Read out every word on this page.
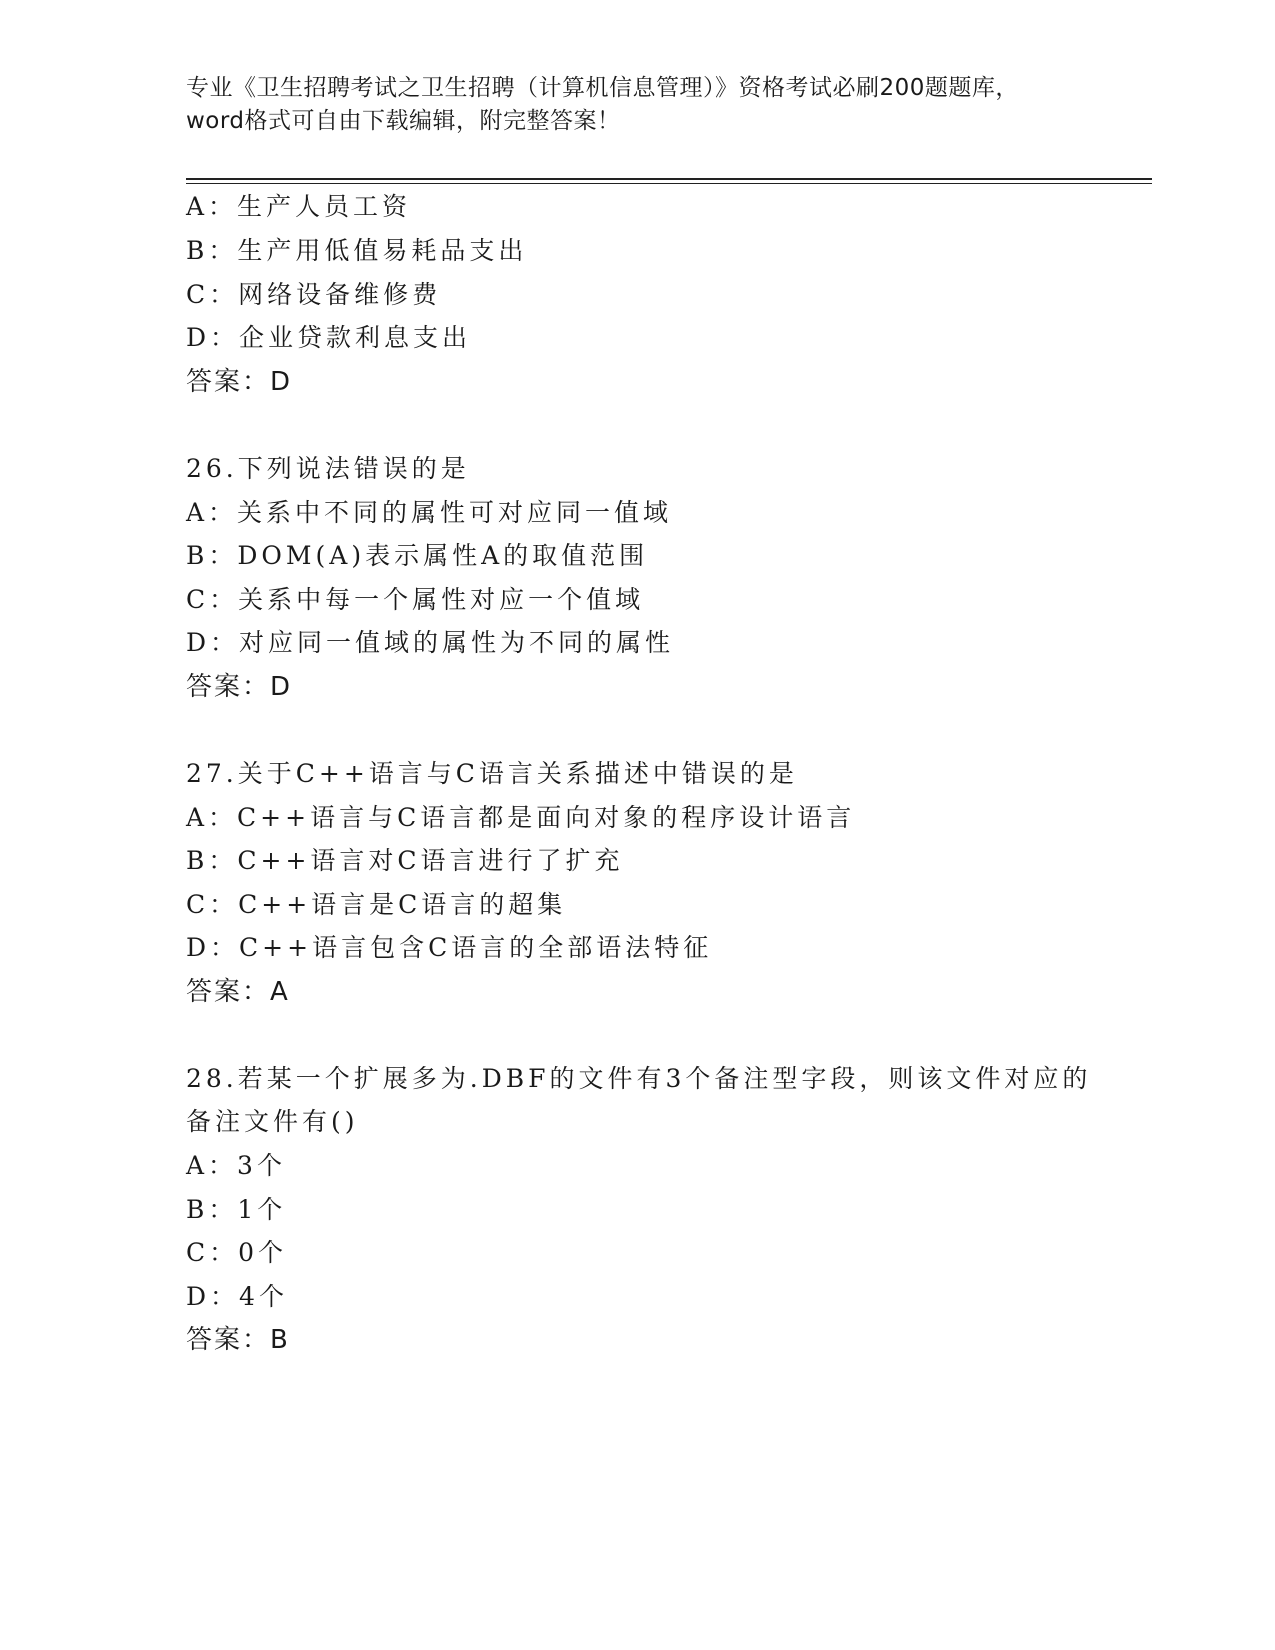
专业《卫生招聘考试之卫生招聘（计算机信息管理）》资格考试必刷200题题库，
word格式可自由下载编辑，附完整答案！
A：生产人员工资
B：生产用低值易耗品支出
C：网络设备维修费
D：企业贷款利息支出
答案：D
26.下列说法错误的是
A：关系中不同的属性可对应同一值域
B：DOM(A)表示属性A的取值范围
C：关系中每一个属性对应一个值域
D：对应同一值域的属性为不同的属性
答案：D
27.关于C++语言与C语言关系描述中错误的是
A：C++语言与C语言都是面向对象的程序设计语言
B：C++语言对C语言进行了扩充
C：C++语言是C语言的超集
D：C++语言包含C语言的全部语法特征
答案：A
28.若某一个扩展多为.DBF的文件有3个备注型字段，则该文件对应的
备注文件有()
A：3个
B：1个
C：0个
D：4个
答案：B
